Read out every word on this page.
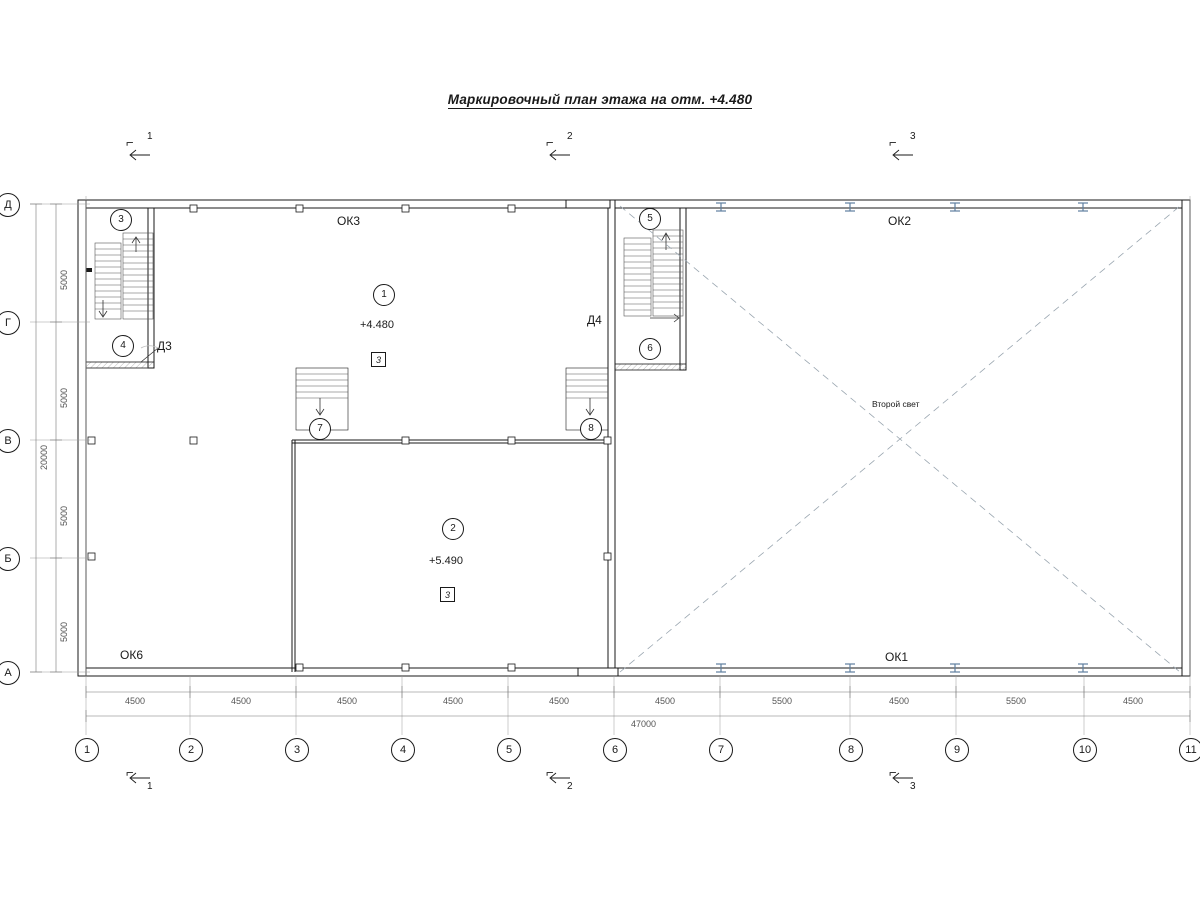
Маркировочный план этажа на отм. +4.480
ОК3	ОК2
ОК6	ОК1
Д3
Д4
+4.480
+5.490
Второй свет
1
2
3
4
5
6
7	8
3
3
⌐ 1	⌐ 2	⌐ 3
⌐
1
⌐
2
⌐
3
4500	4500	4500	4500	4500	4500	5500	4500	5500	4500
47000
5000
5000
5000
5000
20000
1	2	3	4	5	6	7	8	9	10	11
Д
Г
В
Б
А
